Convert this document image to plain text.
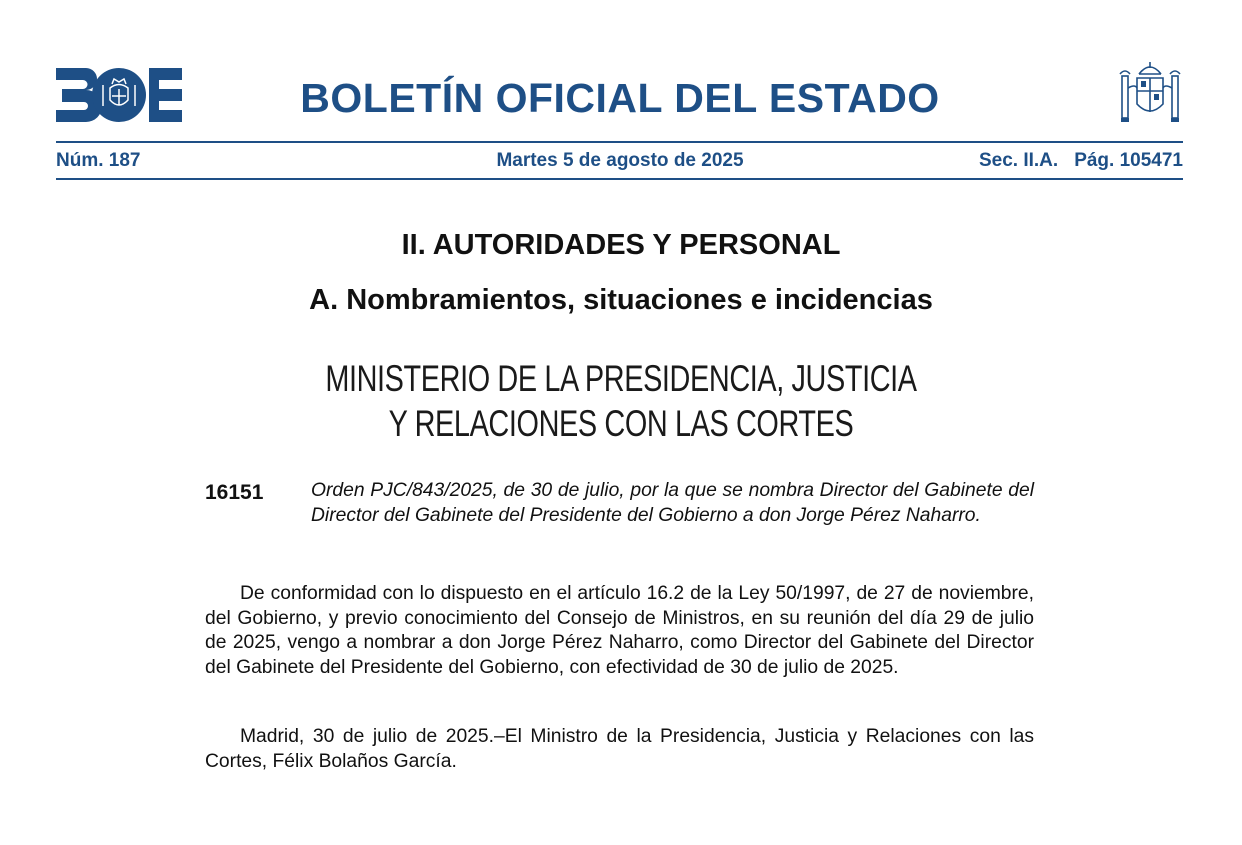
BOLETÍN OFICIAL DEL ESTADO
Núm. 187	Martes 5 de agosto de 2025	Sec. II.A. Pág. 105471
II. AUTORIDADES Y PERSONAL
A. Nombramientos, situaciones e incidencias
MINISTERIO DE LA PRESIDENCIA, JUSTICIA
Y RELACIONES CON LAS CORTES
16151 Orden PJC/843/2025, de 30 de julio, por la que se nombra Director del Gabinete del Director del Gabinete del Presidente del Gobierno a don Jorge Pérez Naharro.
De conformidad con lo dispuesto en el artículo 16.2 de la Ley 50/1997, de 27 de noviembre, del Gobierno, y previo conocimiento del Consejo de Ministros, en su reunión del día 29 de julio de 2025, vengo a nombrar a don Jorge Pérez Naharro, como Director del Gabinete del Director del Gabinete del Presidente del Gobierno, con efectividad de 30 de julio de 2025.
Madrid, 30 de julio de 2025.–El Ministro de la Presidencia, Justicia y Relaciones con las Cortes, Félix Bolaños García.
